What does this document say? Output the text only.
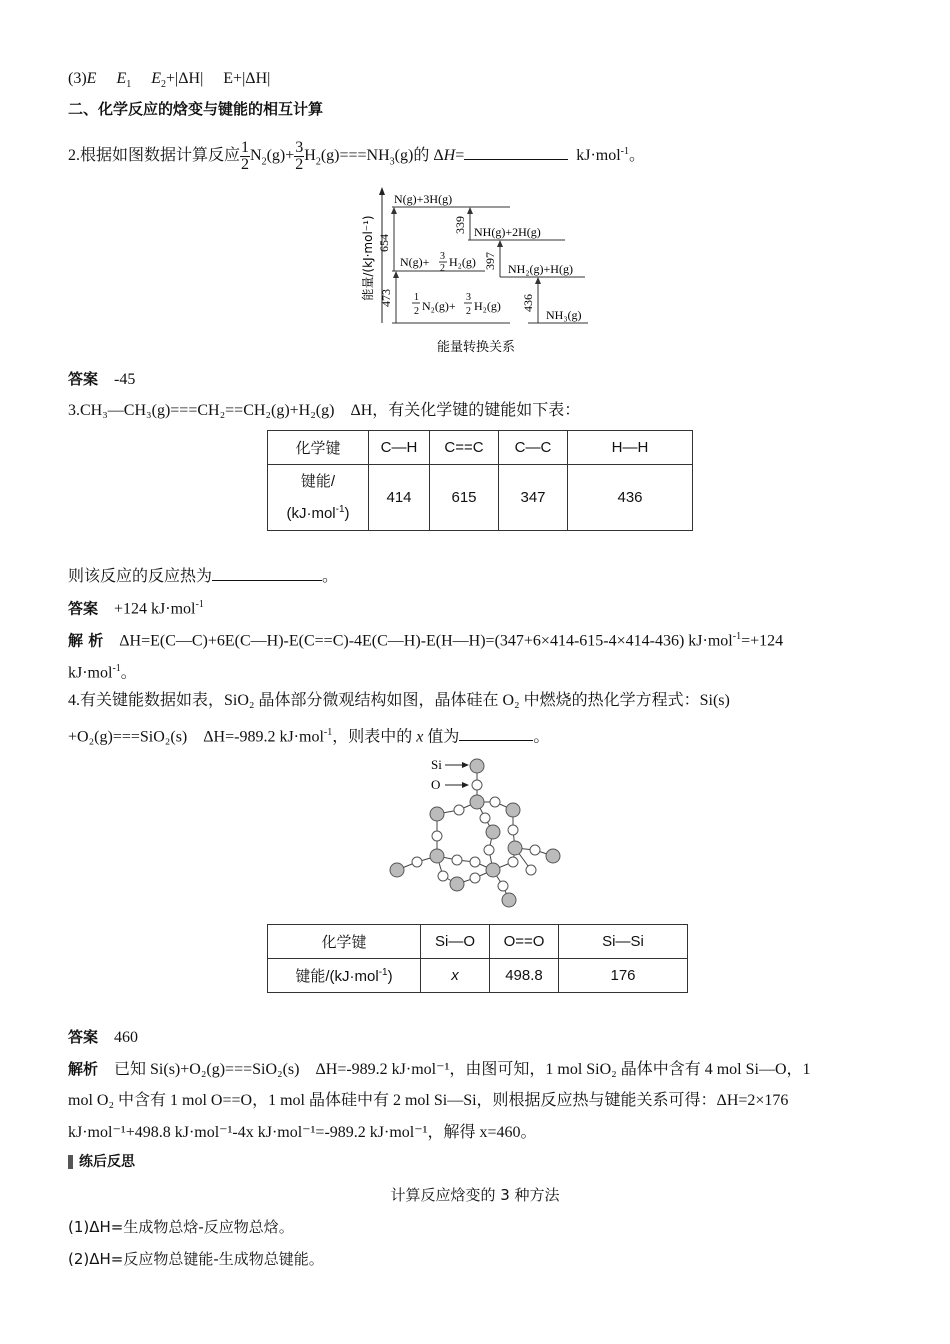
(3)E $E_1$ $E_2+|\Delta H|$ E+|ΔH|
二、化学反应的焓变与键能的相互计算
2.根据如图数据计算反应 $\frac{1}{2} N_2(g)+ \frac{3}{2} H_2(g)===NH_3(g)$的 ΔH=	kJ·mol$^{-1}$。
能量/(kJ·mol⁻¹)
N(g)+3H(g)
NH(g)+2H(g)
N(g)+ 3
2 H₂(g)	NH₂(g)+H(g)
1
2 N₂(g)+
3
2 H₂(g)
NH₃(g)
654
339
397
473	436
能量转换关系
答案 -45
3.CH₃—CH₃(g)===CH₂==CH₂(g)+H₂(g)　ΔH，有关化学键的键能如下表：
化学键	C—H	C==C	C—C	H—H
键能/
(kJ·mol$^{-1}$)	414	615	347	436
则该反应的反应热为	。
答案 +124 kJ·mol$^{-1}$
解 析 ΔH=E(C—C)+6E(C—H)-E(C==C)-4E(C—H)-E(H—H)=(347+6×414-615-4×414-436) kJ·mol$^{-1}$=+124
kJ·mol$^{-1}$。
4.有关键能数据如表，SiO₂ 晶体部分微观结构如图，晶体硅在 O₂ 中燃烧的热化学方程式：Si(s)
+O₂(g)===SiO₂(s)　ΔH=-989.2 kJ·mol$^{-1}$，则表中的 x 值为	。
Si
O
化学键	Si—O	O==O	Si—Si
键能/(kJ·mol$^{-1}$)	x	498.8	176
答案 460
解析 已知 Si(s)+O₂(g)===SiO₂(s)　ΔH=-989.2 kJ·mol⁻¹，由图可知，1 mol SiO₂ 晶体中含有 4 mol Si—O，1
mol O₂ 中含有 1 mol O==O，1 mol 晶体硅中有 2 mol Si—Si，则根据反应热与键能关系可得：ΔH=2×176
kJ·mol⁻¹+498.8 kJ·mol⁻¹-4x kJ·mol⁻¹=-989.2 kJ·mol⁻¹，解得 x=460。
练后反思
计算反应焓变的 3 种方法
(1)ΔH=生成物总焓-反应物总焓。
(2)ΔH=反应物总键能-生成物总键能。
